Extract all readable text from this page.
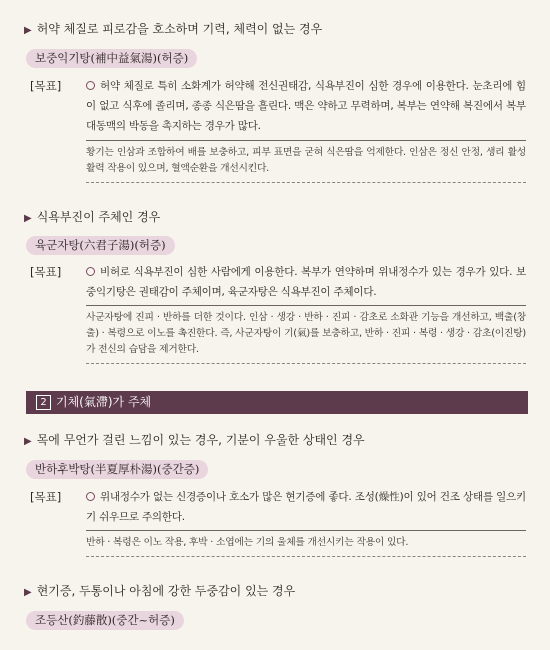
▶ 허약 체질로 피로감을 호소하며 기력, 체력이 없는 경우
보중익기탕(補中益氣湯)(허증)
[목표]	허약 체질로 특히 소화계가 허약해 전신권태감, 식욕부진이 심한 경우에 이용한다. 눈초리에 힘이 없고 식후에 졸리며, 종종 식은땀을 흘린다. 맥은 약하고 무력하며, 복부는 연약해 복진에서 복부 대동맥의 박동을 촉지하는 경우가 많다.
황기는 인삼과 조합하여 배를 보충하고, 피부 표면을 굳혀 식은땀을 억제한다. 인삼은 정신 안정, 생리 활성 활력 작용이 있으며, 혈액순환을 개선시킨다.
▶ 식욕부진이 주체인 경우
육군자탕(六君子湯)(허증)
[목표]	비허로 식욕부진이 심한 사람에게 이용한다. 복부가 연약하며 위내정수가 있는 경우가 있다. 보중익기탕은 권태감이 주체이며, 육군자탕은 식욕부진이 주체이다.
사군자탕에 진피 · 반하를 더한 것이다. 인삼 · 생강 · 반하 · 진피 · 감초로 소화관 기능을 개선하고, 백출(창출) · 복령으로 이노를 촉진한다. 즉, 사군자탕이 기(氣)를 보충하고, 반하 · 진피 · 복령 · 생강 · 감초(이진탕)가 전신의 습담을 제거한다.
2 기체(氣滯)가 주체
▶ 목에 무언가 걸린 느낌이 있는 경우, 기분이 우울한 상태인 경우
반하후박탕(半夏厚朴湯)(중간증)
[목표]	위내정수가 없는 신경증이나 호소가 많은 현기증에 좋다. 조성(燥性)이 있어 건조 상태를 일으키기 쉬우므로 주의한다.
반하 · 복령은 이노 작용, 후박 · 소엽에는 기의 울체를 개선시키는 작용이 있다.
▶ 현기증, 두통이나 아침에 강한 두중감이 있는 경우
조등산(釣藤散)(중간~허증)
